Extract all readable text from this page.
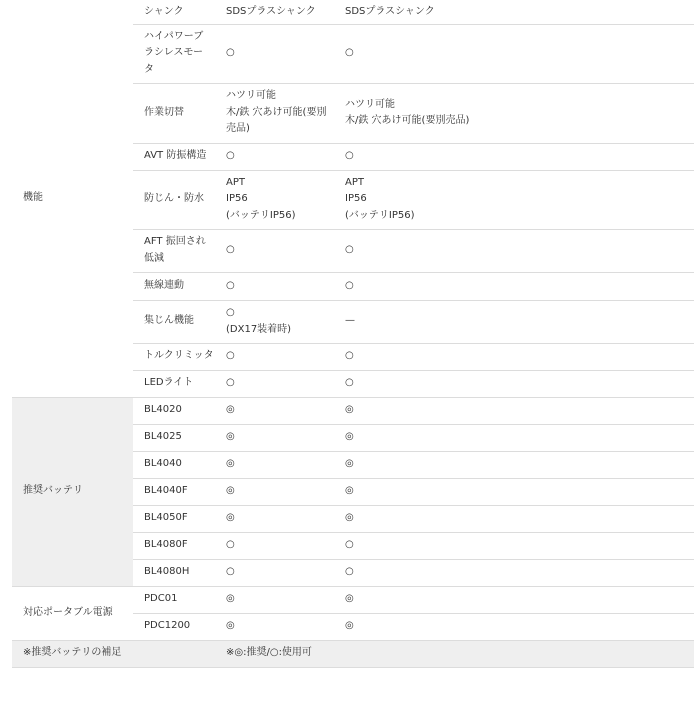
機能	シャンク	SDSプラスシャンク	SDSプラスシャンク
	ハイパワーブ
ラシレスモー
タ	○	○
	作業切替	ハツリ可能
木/鉄 穴あけ可能(要別
売品)	ハツリ可能
木/鉄 穴あけ可能(要別売品)
	AVT 防振構造	○	○
	防じん・防水	APT
IP56
(バッテリIP56)	APT
IP56
(バッテリIP56)
	AFT 振回され
低減	○	○
	無線連動	○	○
	集じん機能	○
(DX17装着時)	—
	トルクリミッタ	○	○
	LEDライト	○	○
推奨バッテリ	BL4020	◎	◎
	BL4025	◎	◎
	BL4040	◎	◎
	BL4040F	◎	◎
	BL4050F	◎	◎
	BL4080F	○	○
	BL4080H	○	○
対応ポータブル電源	PDC01	◎	◎
	PDC1200	◎	◎
※推奨バッテリの補足		※◎:推奨/○:使用可	
